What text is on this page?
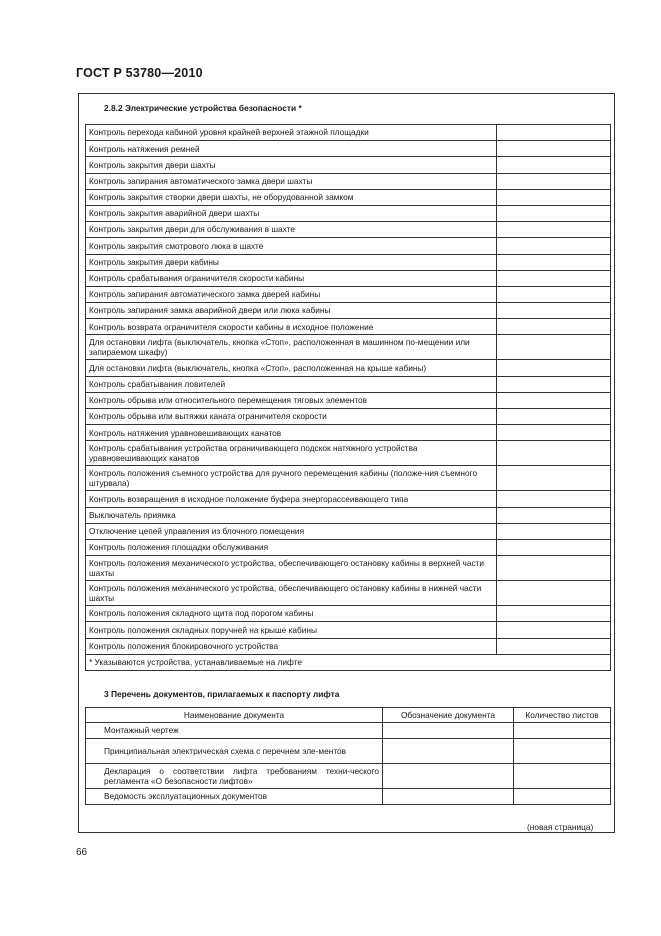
ГОСТ Р 53780—2010
2.8.2 Электрические устройства безопасности *
Контроль перехода кабиной уровня крайней верхней этажной площадки	
Контроль натяжения ремней	
Контроль закрытия двери шахты	
Контроль запирания автоматического замка двери шахты	
Контроль закрытия створки двери шахты, не оборудованной замком	
Контроль закрытия аварийной двери шахты	
Контроль закрытия двери для обслуживания в шахте	
Контроль закрытия смотрового люка в шахте	
Контроль закрытия двери кабины	
Контроль срабатывания ограничителя скорости кабины	
Контроль запирания автоматического замка дверей кабины	
Контроль запирания замка аварийной двери или люка кабины	
Контроль возврата ограничителя скорости кабины в исходное положение	
Для остановки лифта (выключатель, кнопка «Стоп», расположенная в машинном по-мещении или запираемом шкафу)	
Для остановки лифта (выключатель, кнопка «Стоп», расположенная на крыше кабины)	
Контроль срабатывания ловителей	
Контроль обрыва или относительного перемещения тяговых элементов	
Контроль обрыва или вытяжки каната ограничителя скорости	
Контроль натяжения уравновешивающих канатов	
Контроль срабатывания устройства ограничивающего подскок натяжного устройства уравновешивающих канатов	
Контроль положения съемного устройства для ручного перемещения кабины (положе-ния съемного штурвала)	
Контроль возвращения в исходное положение буфера энергорассеивающего типа	
Выключатель приямка	
Отключение цепей управления из блочного помещения	
Контроль положения площадки обслуживания	
Контроль положения механического устройства, обеспечивающего остановку кабины в верхней части шахты	
Контроль положения механического устройства, обеспечивающего остановку кабины в нижней части шахты	
Контроль положения складного щита под порогом кабины	
Контроль положения складных поручней на крыше кабины	
Контроль положения блокировочного устройства	
* Указываются устройства, устанавливаемые на лифте	
3 Перечень документов, прилагаемых к паспорту лифта
Наименование документа	Обозначение документа	Количество листов
Монтажный чертеж		
Принципиальная электрическая схема с перечнем эле-ментов		
Декларация о соответствии лифта требованиям техни-ческого регламента «О безопасности лифтов»		
Ведомость эксплуатационных документов		
(новая страница)
66
